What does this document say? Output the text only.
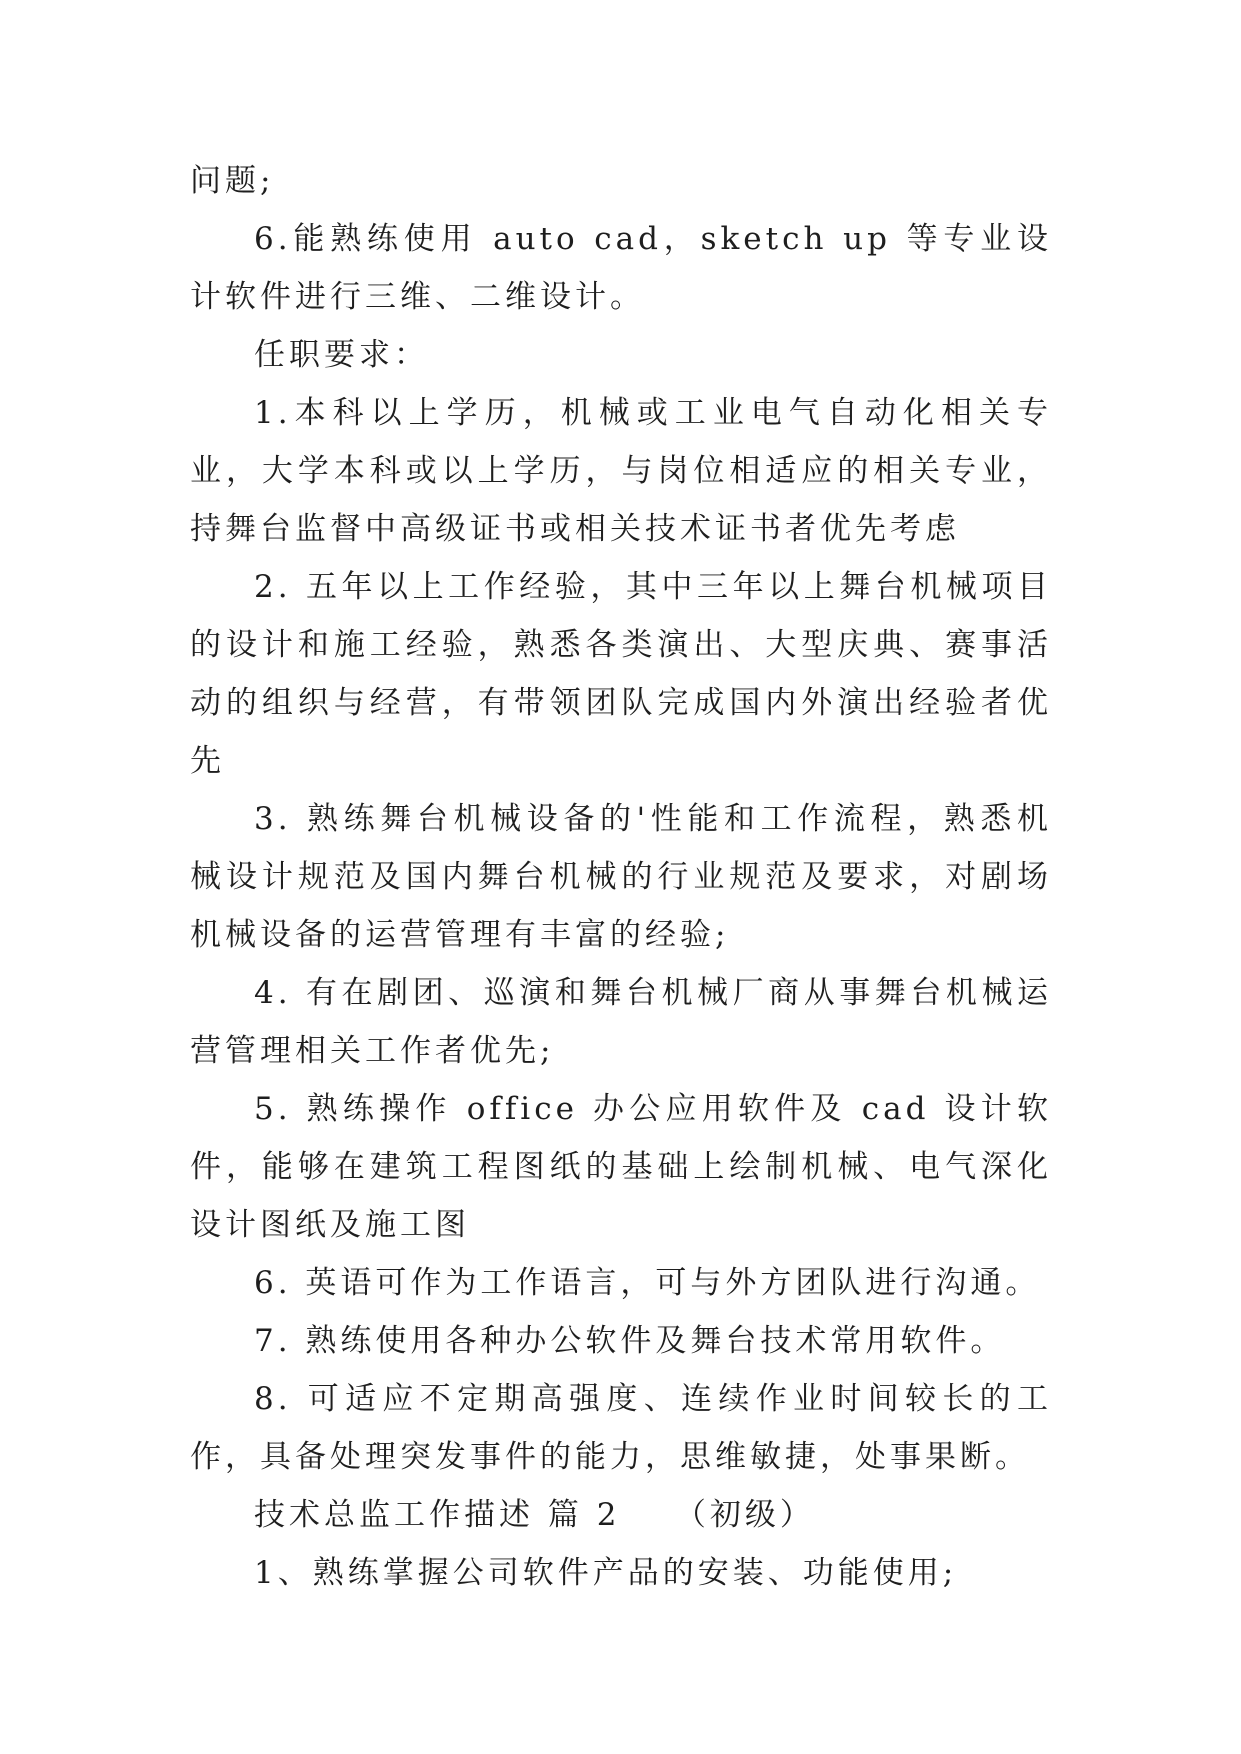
问题;

6.能熟练使用 auto cad，sketch up 等专业设计软件进行三维、二维设计。

任职要求：

1.本科以上学历，机械或工业电气自动化相关专业，大学本科或以上学历，与岗位相适应的相关专业，持舞台监督中高级证书或相关技术证书者优先考虑

2. 五年以上工作经验，其中三年以上舞台机械项目的设计和施工经验，熟悉各类演出、大型庆典、赛事活动的组织与经营，有带领团队完成国内外演出经验者优先

3. 熟练舞台机械设备的'性能和工作流程，熟悉机械设计规范及国内舞台机械的行业规范及要求，对剧场机械设备的运营管理有丰富的经验;

4. 有在剧团、巡演和舞台机械厂商从事舞台机械运营管理相关工作者优先;

5. 熟练操作 office 办公应用软件及 cad 设计软件，能够在建筑工程图纸的基础上绘制机械、电气深化设计图纸及施工图

6. 英语可作为工作语言，可与外方团队进行沟通。

7. 熟练使用各种办公软件及舞台技术常用软件。

8. 可适应不定期高强度、连续作业时间较长的工作，具备处理突发事件的能力，思维敏捷，处事果断。

技术总监工作描述 篇 2　　（初级）

1、熟练掌握公司软件产品的安装、功能使用;
